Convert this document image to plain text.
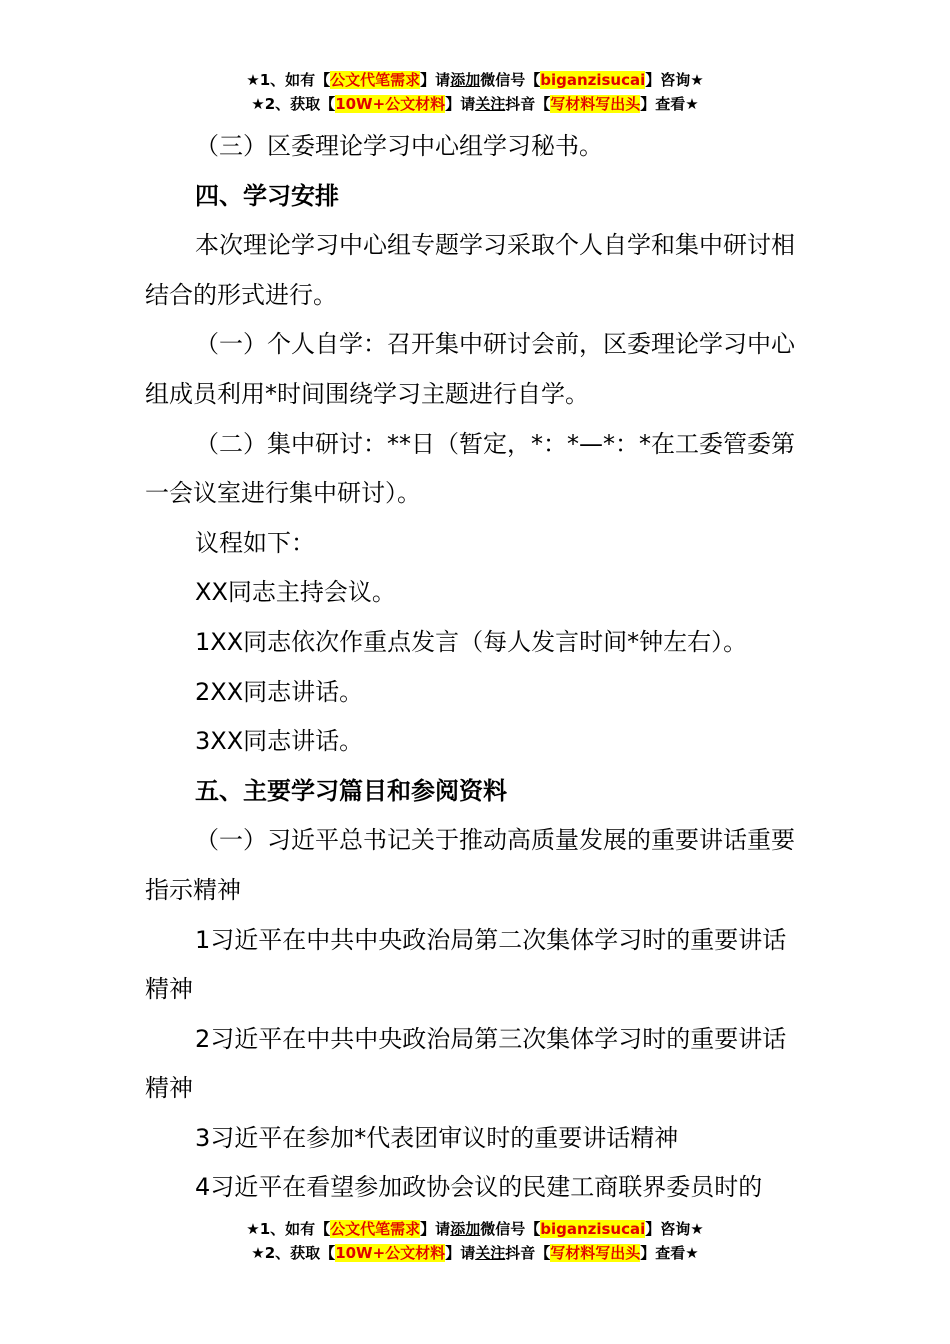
★1、如有【公文代笔需求】请添加微信号【biganzisucai】咨询★
★2、获取【10W+公文材料】请关注抖音【写材料写出头】查看★

（三）区委理论学习中心组学习秘书。

四、学习安排

本次理论学习中心组专题学习采取个人自学和集中研讨相结合的形式进行。

（一）个人自学：召开集中研讨会前，区委理论学习中心组成员利用*时间围绕学习主题进行自学。

（二）集中研讨：**日（暂定，*：*—*：*在工委管委第一会议室进行集中研讨）。

议程如下：

XX同志主持会议。

1XX同志依次作重点发言（每人发言时间*钟左右）。

2XX同志讲话。

3XX同志讲话。

五、主要学习篇目和参阅资料

（一）习近平总书记关于推动高质量发展的重要讲话重要指示精神

1习近平在中共中央政治局第二次集体学习时的重要讲话精神

2习近平在中共中央政治局第三次集体学习时的重要讲话精神

3习近平在参加*代表团审议时的重要讲话精神

4习近平在看望参加政协会议的民建工商联界委员时的

★1、如有【公文代笔需求】请添加微信号【biganzisucai】咨询★
★2、获取【10W+公文材料】请关注抖音【写材料写出头】查看★
